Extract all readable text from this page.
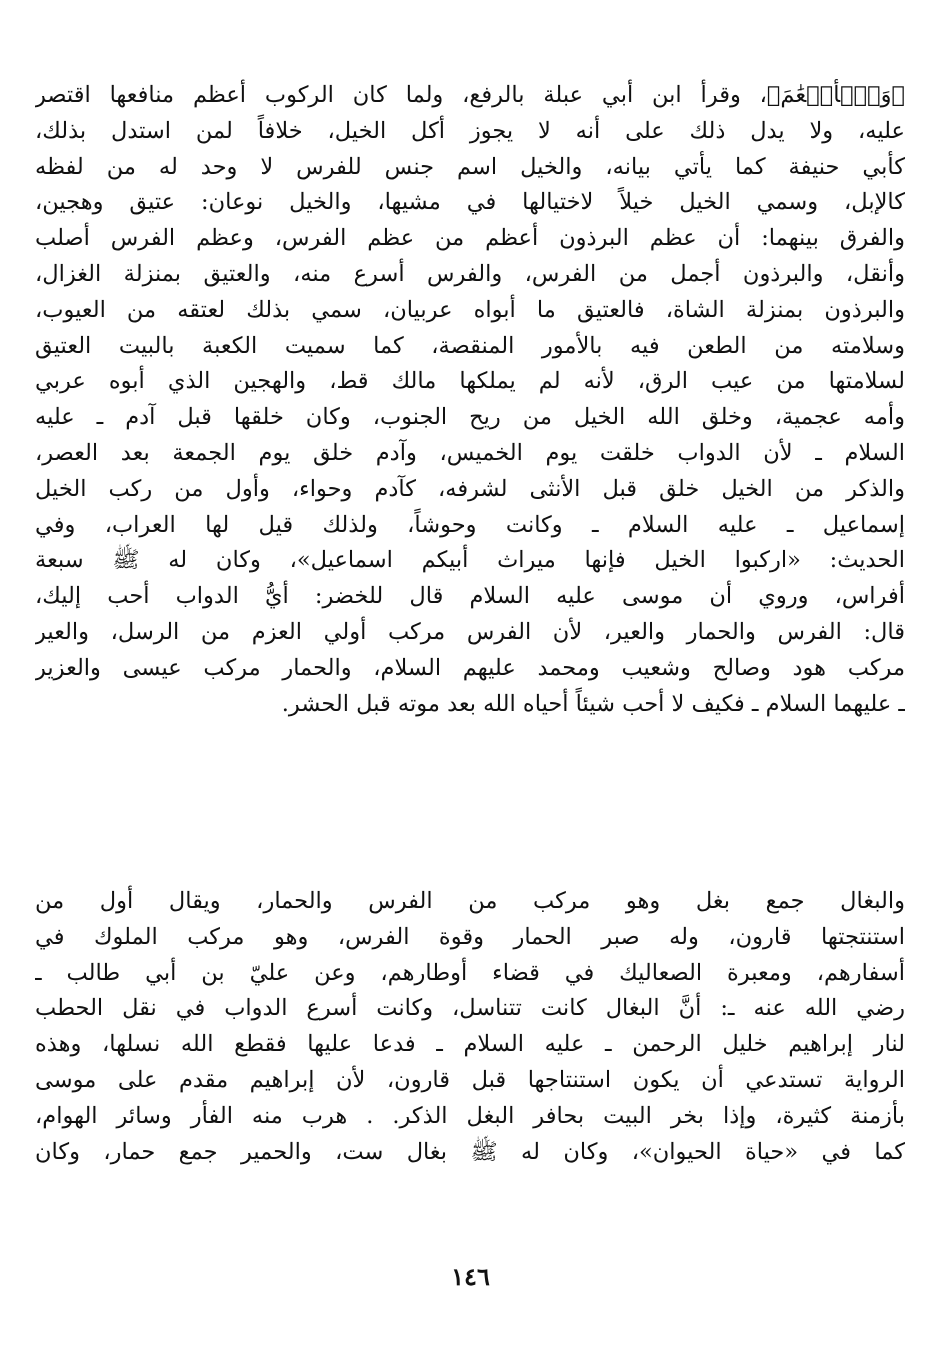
﴿وَٱلۡأَنۡعَٰمَ﴾، وقرأ ابن أبي عبلة بالرفع، ولما كان الركوب أعظم منافعها اقتصر
عليه، ولا يدل ذلك على أنه لا يجوز أكل الخيل، خلافاً لمن استدل بذلك،
كأبي حنيفة كما يأتي بيانه، والخيل اسم جنس للفرس لا وحد له من لفظه
كالإبل، وسمي الخيل خيلاً لاختيالها في مشيها، والخيل نوعان: عتيق وهجين،
والفرق بينهما: أن عظم البرذون أعظم من عظم الفرس، وعظم الفرس أصلب
وأنقل، والبرذون أجمل من الفرس، والفرس أسرع منه، والعتيق بمنزلة الغزال،
والبرذون بمنزلة الشاة، فالعتيق ما أبواه عربيان، سمي بذلك لعتقه من العيوب،
وسلامته من الطعن فيه بالأمور المنقصة، كما سميت الكعبة بالبيت العتيق
لسلامتها من عيب الرق، لأنه لم يملكها مالك قط، والهجين الذي أبوه عربي
وأمه عجمية، وخلق الله الخيل من ريح الجنوب، وكان خلقها قبل آدم ـ عليه
السلام ـ لأن الدواب خلقت يوم الخميس، وآدم خلق يوم الجمعة بعد العصر،
والذكر من الخيل خلق قبل الأنثى لشرفه، كآدم وحواء، وأول من ركب الخيل
إسماعيل ـ عليه السلام ـ وكانت وحوشاً، ولذلك قيل لها العراب، وفي
الحديث: «اركبوا الخيل فإنها ميراث أبيكم اسماعيل»، وكان له ﷺ سبعة
أفراس، وروي أن موسى عليه السلام قال للخضر: أيُّ الدواب أحب إليك،
قال: الفرس والحمار والعير، لأن الفرس مركب أولي العزم من الرسل، والعير
مركب هود وصالح وشعيب ومحمد عليهم السلام، والحمار مركب عيسى والعزير
ـ عليهما السلام ـ فكيف لا أحب شيئاً أحياه الله بعد موته قبل الحشر.
والبغال جمع بغل وهو مركب من الفرس والحمار، ويقال أول من
استنتجتها قارون، وله صبر الحمار وقوة الفرس، وهو مركب الملوك في
أسفارهم، ومعبرة الصعاليك في قضاء أوطارهم، وعن عليّ بن أبي طالب ـ
رضي الله عنه ـ: أنَّ البغال كانت تتناسل، وكانت أسرع الدواب في نقل الحطب
لنار إبراهيم خليل الرحمن ـ عليه السلام ـ فدعا عليها فقطع الله نسلها، وهذه
الرواية تستدعي أن يكون استنتاجها قبل قارون، لأن إبراهيم مقدم على موسى
بأزمنة كثيرة، وإذا بخر البيت بحافر البغل الذكر. . هرب منه الفأر وسائر الهوام،
كما في «حياة الحيوان»، وكان له ﷺ بغال ست، والحمير جمع حمار، وكان
١٤٦
